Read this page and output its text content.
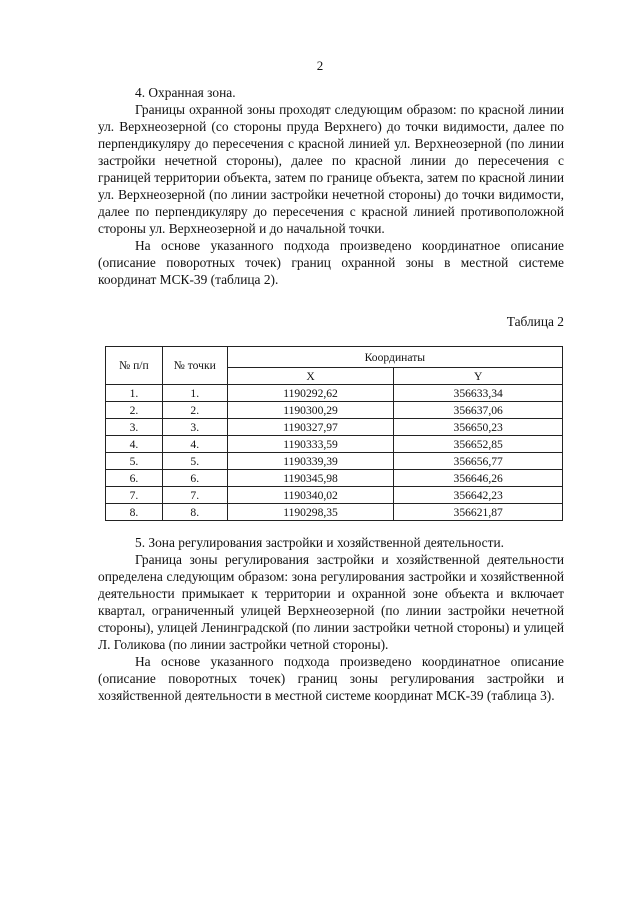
2

4. Охранная зона.

Границы охранной зоны проходят следующим образом: по красной линии ул. Верхнеозерной (со стороны пруда Верхнего) до точки видимости, далее по перпендикуляру до пересечения с красной линией ул. Верхнеозерной (по линии застройки нечетной стороны), далее по красной линии до пересечения с границей территории объекта, затем по границе объекта, затем по красной линии ул. Верхнеозерной (по линии застройки нечетной стороны) до точки видимости, далее по перпендикуляру до пересечения с красной линией противоположной стороны ул. Верхнеозерной и до начальной точки.

На основе указанного подхода произведено координатное описание (описание поворотных точек) границ охранной зоны в местной системе координат МСК-39 (таблица 2).

Таблица 2
№ п/п	№ точки	Координаты	
		X	Y
1.	1.	1190292,62	356633,34
2.	2.	1190300,29	356637,06
3.	3.	1190327,97	356650,23
4.	4.	1190333,59	356652,85
5.	5.	1190339,39	356656,77
6.	6.	1190345,98	356646,26
7.	7.	1190340,02	356642,23
8.	8.	1190298,35	356621,87

5. Зона регулирования застройки и хозяйственной деятельности.

Граница зоны регулирования застройки и хозяйственной деятельности определена следующим образом: зона регулирования застройки и хозяйственной деятельности примыкает к территории и охранной зоне объекта и включает квартал, ограниченный улицей Верхнеозерной (по линии застройки нечетной стороны), улицей Ленинградской (по линии застройки четной стороны) и улицей Л. Голикова (по линии застройки четной стороны).

На основе указанного подхода произведено координатное описание (описание поворотных точек) границ зоны регулирования застройки и хозяйственной деятельности в местной системе координат МСК-39 (таблица 3).
